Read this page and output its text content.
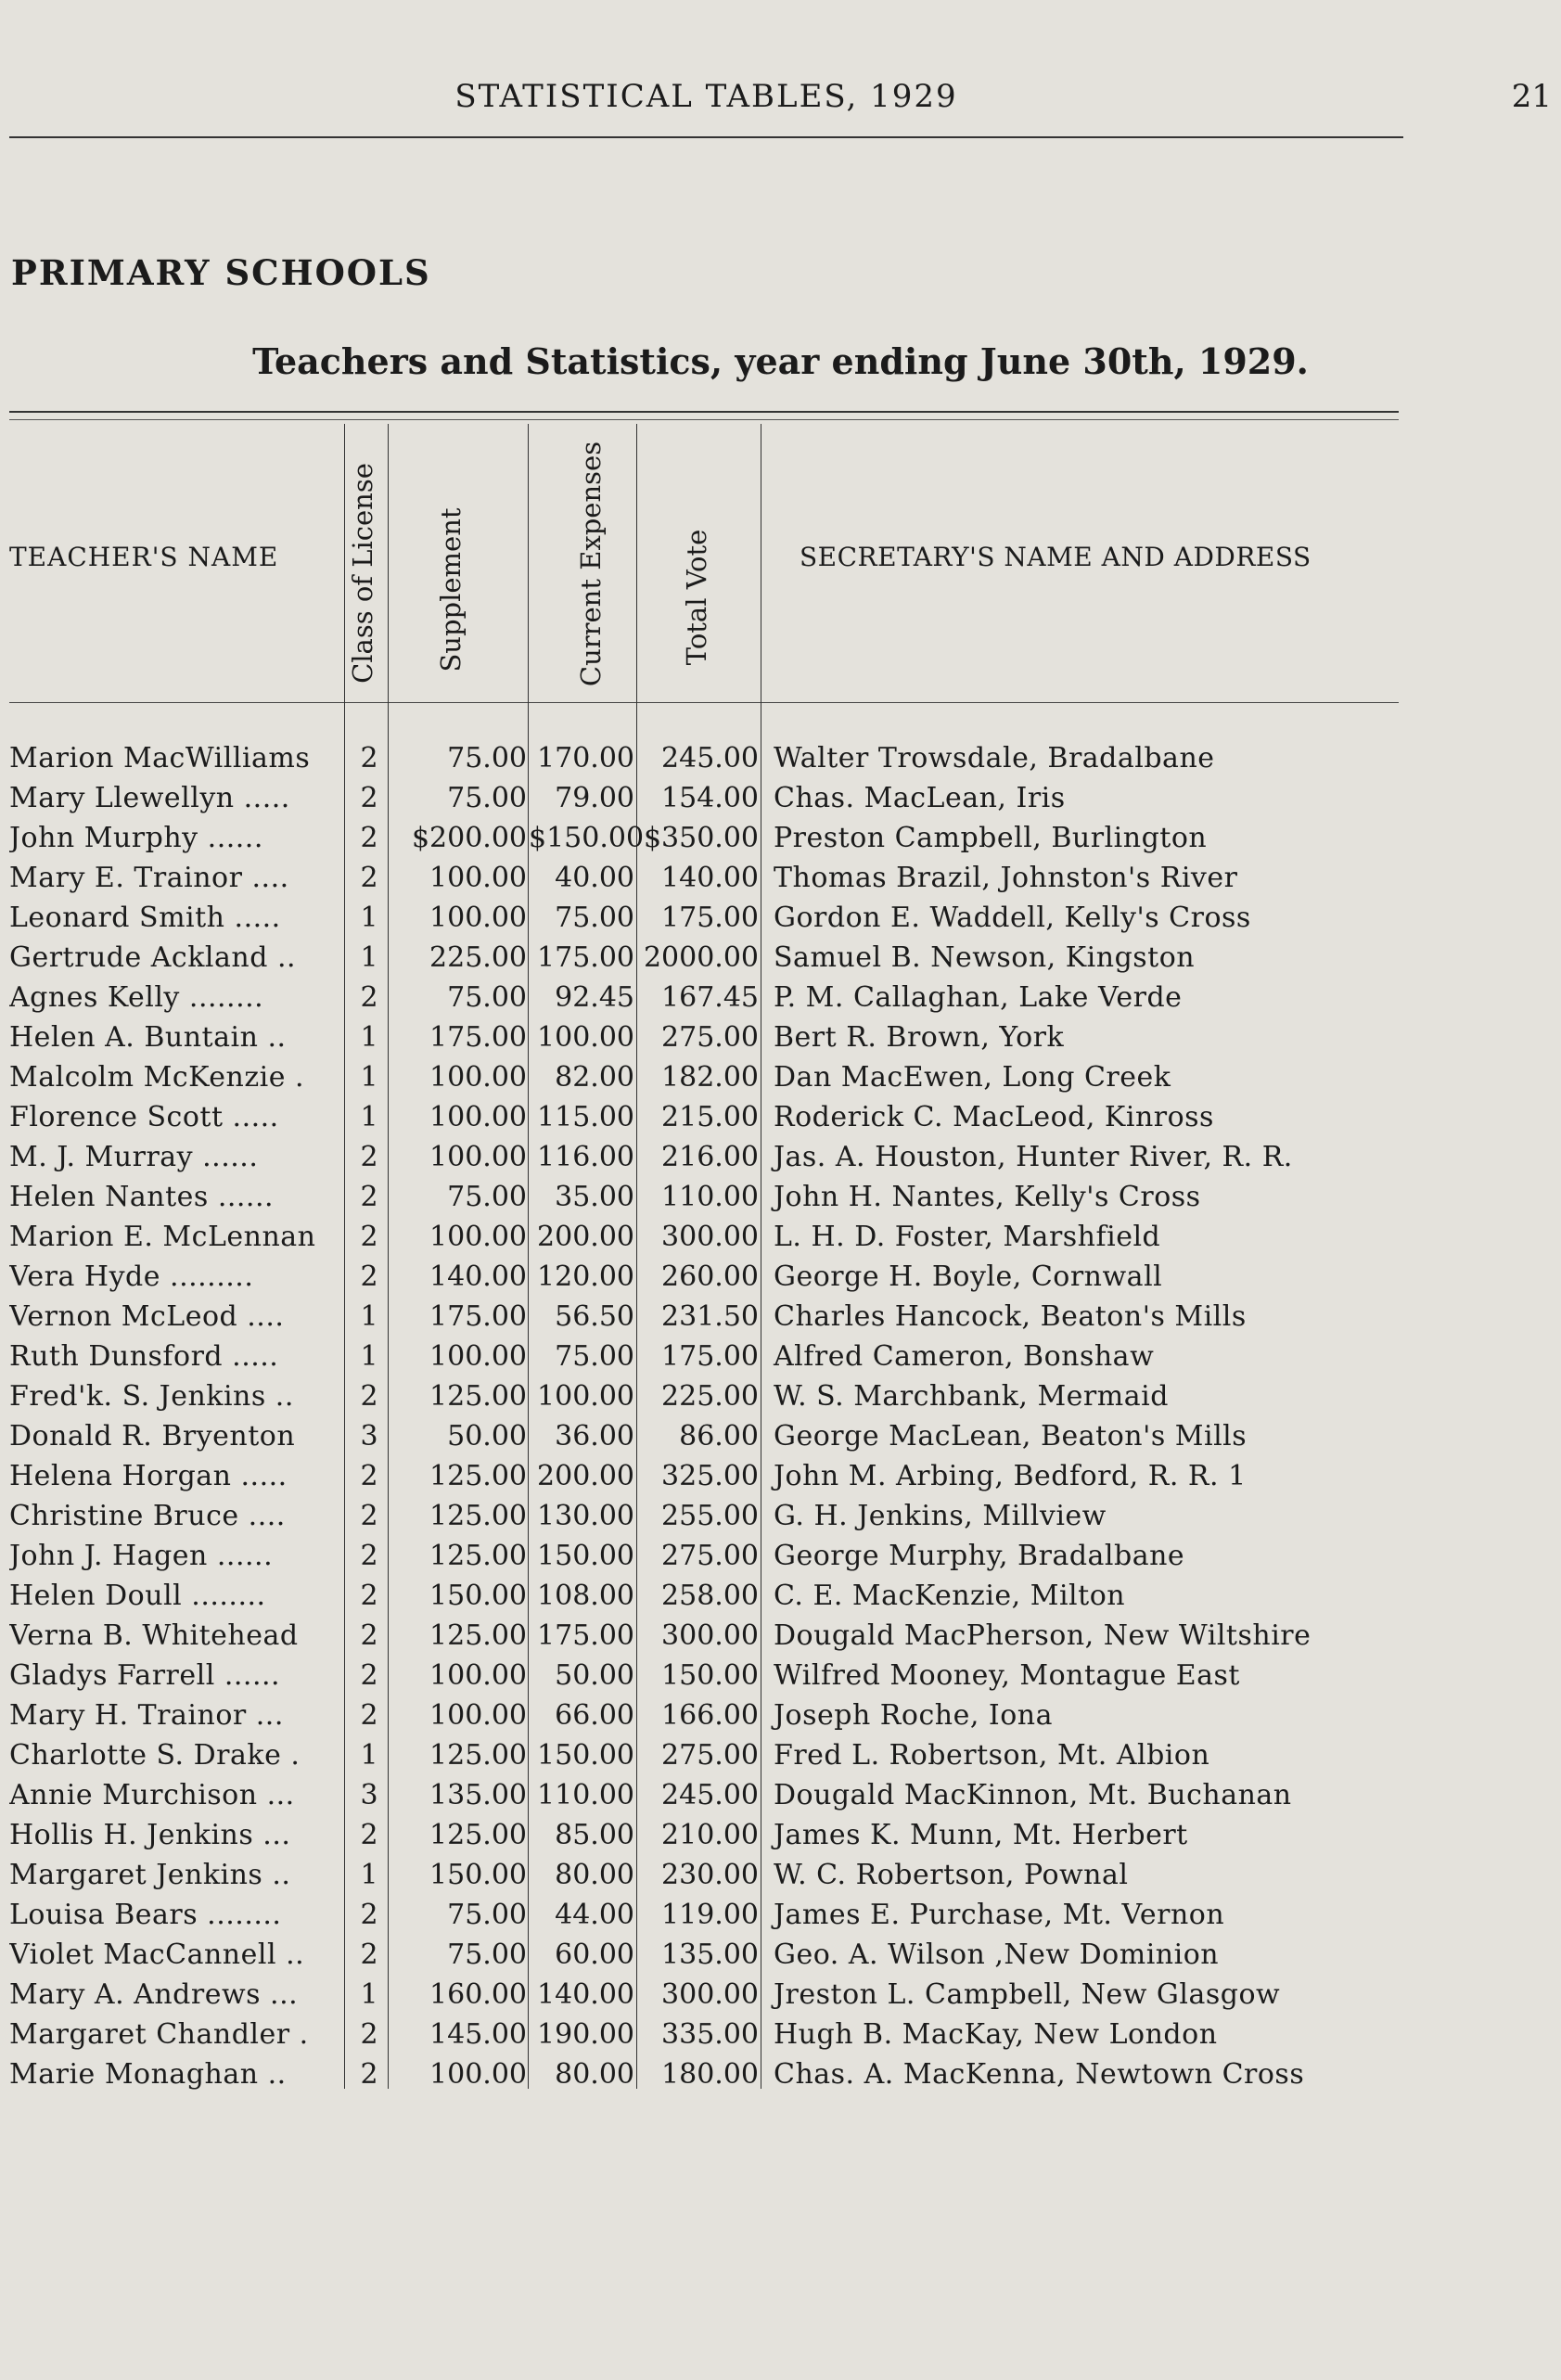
STATISTICAL TABLES, 1929	21
PRIMARY SCHOOLS
Teachers and Statistics, year ending June 30th, 1929.
TEACHER'S NAME	Class of License Supplement	Current Expenses	Total Vote	SECRETARY'S NAME AND ADDRESS
Marion MacWilliams	2	75.00 170.00 245.00 Walter Trowsdale, Bradalbane
Mary Llewellyn .....	2	75.00	79.00 154.00 Chas. MacLean, Iris
John Murphy ......	2	$200.00 $150.00 $350.00 Preston Campbell, Burlington
Mary E. Trainor ....	2	100.00	40.00 140.00 Thomas Brazil, Johnston's River
Leonard Smith .....	1	100.00	75.00 175.00 Gordon E. Waddell, Kelly's Cross
Gertrude Ackland ..	1	225.00 175.00 2000.00 Samuel B. Newson, Kingston
Agnes Kelly ........	2	75.00	92.45 167.45 P. M. Callaghan, Lake Verde
Helen A. Buntain ..	1	175.00 100.00 275.00 Bert R. Brown, York
Malcolm McKenzie .	1	100.00	82.00 182.00 Dan MacEwen, Long Creek
Florence Scott .....	1	100.00 115.00 215.00 Roderick C. MacLeod, Kinross
M. J. Murray ......	2	100.00 116.00 216.00 Jas. A. Houston, Hunter River, R. R.
Helen Nantes ......	2	75.00	35.00 110.00 John H. Nantes, Kelly's Cross
Marion E. McLennan	2	100.00 200.00 300.00 L. H. D. Foster, Marshfield
Vera Hyde .........	2	140.00 120.00 260.00 George H. Boyle, Cornwall
Vernon McLeod ....	1	175.00	56.50 231.50 Charles Hancock, Beaton's Mills
Ruth Dunsford .....	1	100.00	75.00 175.00 Alfred Cameron, Bonshaw
Fred'k. S. Jenkins ..	2	125.00 100.00 225.00 W. S. Marchbank, Mermaid
Donald R. Bryenton	3	50.00	36.00	86.00 George MacLean, Beaton's Mills
Helena Horgan .....	2	125.00 200.00 325.00 John M. Arbing, Bedford, R. R. 1
Christine Bruce ....	2	125.00 130.00 255.00 G. H. Jenkins, Millview
John J. Hagen ......	2	125.00 150.00 275.00 George Murphy, Bradalbane
Helen Doull ........	2	150.00 108.00 258.00 C. E. MacKenzie, Milton
Verna B. Whitehead	2	125.00 175.00 300.00 Dougald MacPherson, New Wiltshire
Gladys Farrell ......	2	100.00	50.00 150.00 Wilfred Mooney, Montague East
Mary H. Trainor ...	2	100.00	66.00 166.00 Joseph Roche, Iona
Charlotte S. Drake .	1	125.00 150.00 275.00 Fred L. Robertson, Mt. Albion
Annie Murchison ...	3	135.00 110.00 245.00 Dougald MacKinnon, Mt. Buchanan
Hollis H. Jenkins ...	2	125.00	85.00 210.00 James K. Munn, Mt. Herbert
Margaret Jenkins ..	1	150.00	80.00 230.00 W. C. Robertson, Pownal
Louisa Bears ........	2	75.00	44.00 119.00 James E. Purchase, Mt. Vernon
Violet MacCannell ..	2	75.00	60.00 135.00 Geo. A. Wilson ,New Dominion
Mary A. Andrews ...	1	160.00 140.00 300.00 Jreston L. Campbell, New Glasgow
Margaret Chandler .	2	145.00 190.00 335.00 Hugh B. MacKay, New London
Marie Monaghan ..	2	100.00	80.00 180.00 Chas. A. MacKenna, Newtown Cross
